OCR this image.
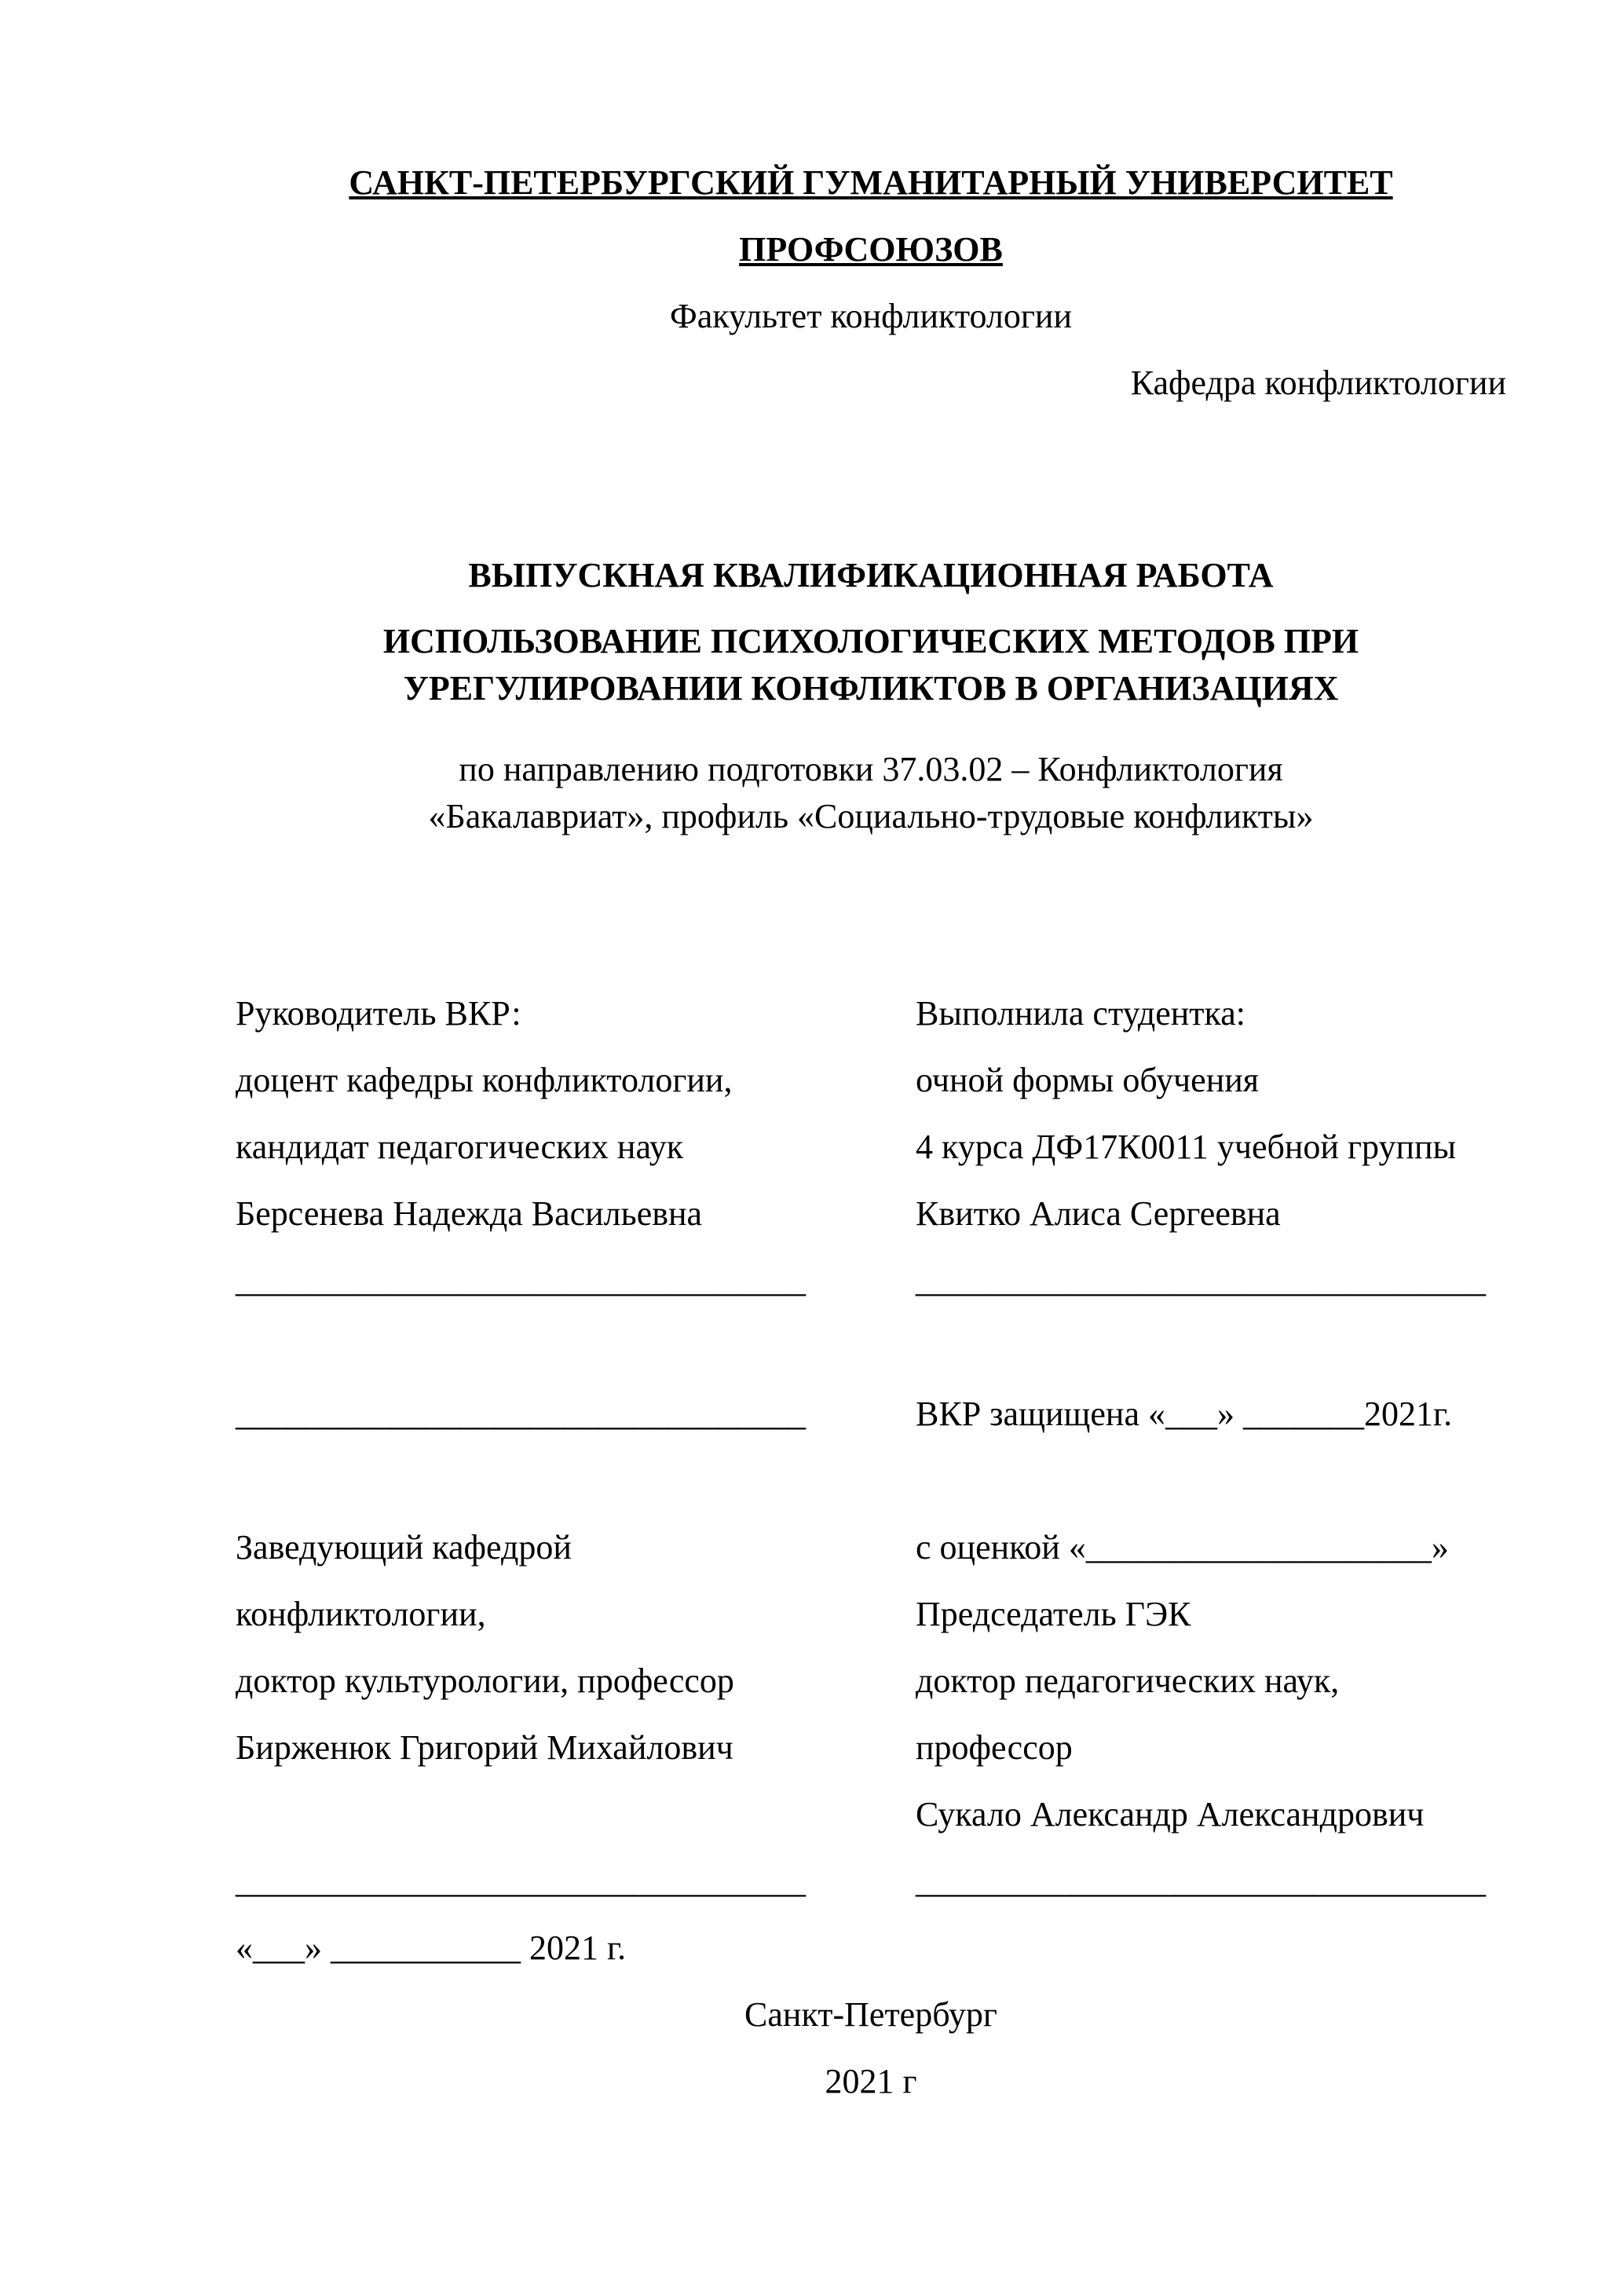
САНКТ-ПЕТЕРБУРГСКИЙ ГУМАНИТАРНЫЙ УНИВЕРСИТЕТ
ПРОФСОЮЗОВ
Факультет конфликтологии
Кафедра конфликтологии
ВЫПУСКНАЯ КВАЛИФИКАЦИОННАЯ РАБОТА
ИСПОЛЬЗОВАНИЕ ПСИХОЛОГИЧЕСКИХ МЕТОДОВ ПРИ
УРЕГУЛИРОВАНИИ КОНФЛИКТОВ В ОРГАНИЗАЦИЯХ
по направлению подготовки 37.03.02 – Конфликтология
«Бакалавриат», профиль «Социально-трудовые конфликты»
Руководитель ВКР:
доцент кафедры конфликтологии,
кандидат педагогических наук
Берсенева Надежда Васильевна
_________________________________
_________________________________
Заведующий кафедрой
конфликтологии,
доктор культурологии, профессор
Бирженюк Григорий Михайлович
_________________________________
«___» ___________ 2021 г.
Выполнила студентка:
очной формы обучения
4 курса ДФ17К0011 учебной группы
Квитко Алиса Сергеевна
_________________________________
ВКР защищена «___» _______2021г.
с оценкой «____________________»
Председатель ГЭК
доктор педагогических наук,
профессор
Сукало Александр Александрович
_________________________________
Санкт-Петербург
2021 г
